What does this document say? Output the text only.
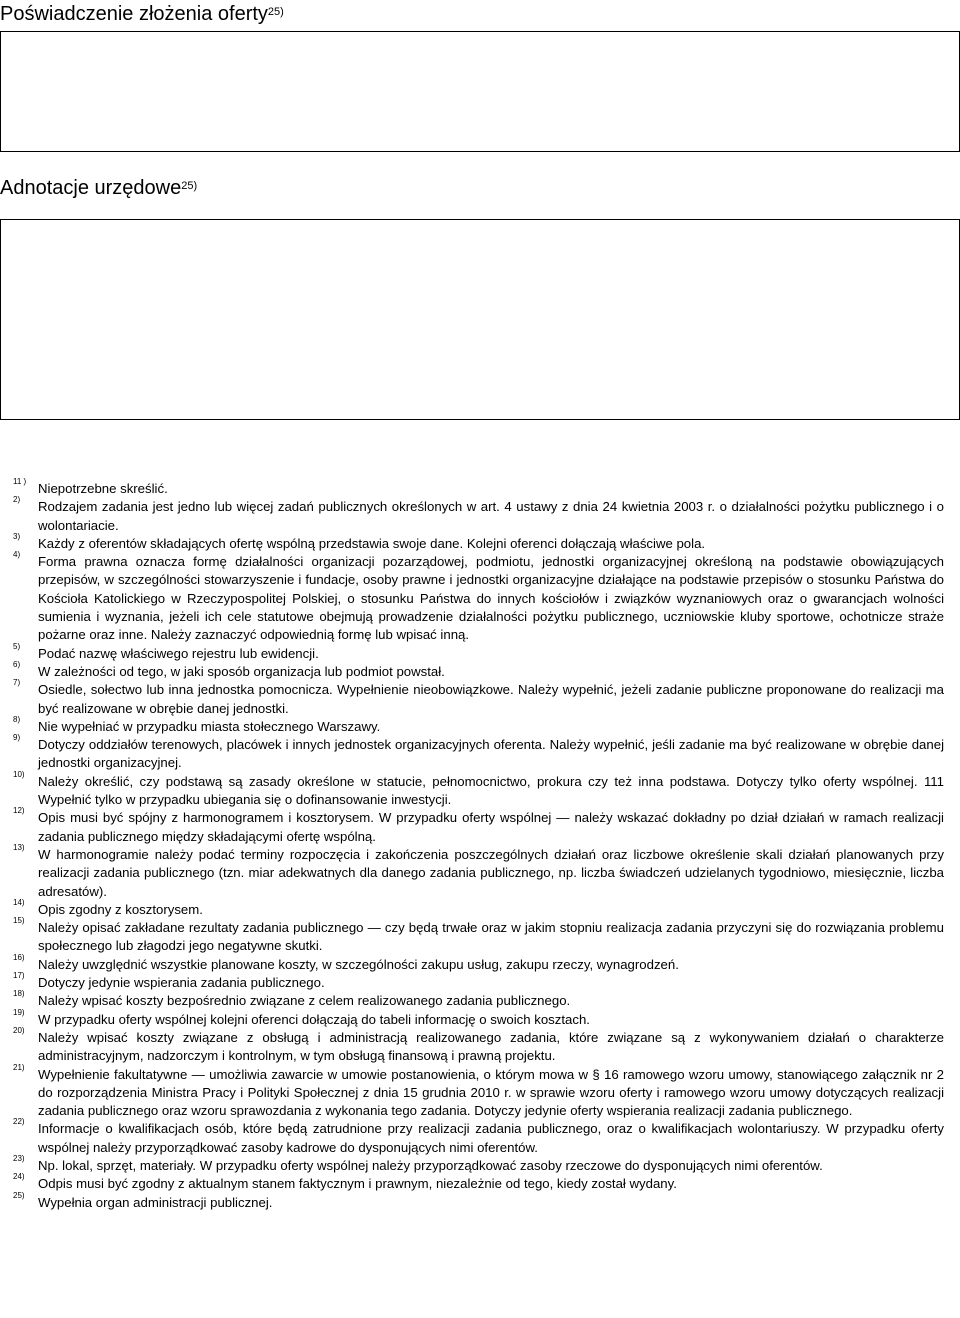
Poświadczenie złożenia oferty$^{25)}$
Adnotacje urzędowe$^{25)}$
11 ) Niepotrzebne skreślić.
2) Rodzajem zadania jest jedno lub więcej zadań publicznych określonych w art. 4 ustawy z dnia 24 kwietnia 2003 r. o działalności pożytku publicznego i o wolontariacie.
3) Każdy z oferentów składających ofertę wspólną przedstawia swoje dane. Kolejni oferenci dołączają właściwe pola.
4) Forma prawna oznacza formę działalności organizacji pozarządowej, podmiotu, jednostki organizacyjnej określoną na podstawie obowiązujących przepisów, w szczególności stowarzyszenie i fundacje, osoby prawne i jednostki organizacyjne działające na podstawie przepisów o stosunku Państwa do Kościoła Katolickiego w Rzeczypospolitej Polskiej, o stosunku Państwa do innych kościołów i związków wyznaniowych oraz o gwarancjach wolności sumienia i wyznania, jeżeli ich cele statutowe obejmują prowadzenie działalności pożytku publicznego, uczniowskie kluby sportowe, ochotnicze straże pożarne oraz inne. Należy zaznaczyć odpowiednią formę lub wpisać inną.
5) Podać nazwę właściwego rejestru lub ewidencji.
6) W zależności od tego, w jaki sposób organizacja lub podmiot powstał.
7) Osiedle, sołectwo lub inna jednostka pomocnicza. Wypełnienie nieobowiązkowe. Należy wypełnić, jeżeli zadanie publiczne proponowane do realizacji ma być realizowane w obrębie danej jednostki.
8) Nie wypełniać w przypadku miasta stołecznego Warszawy.
9) Dotyczy oddziałów terenowych, placówek i innych jednostek organizacyjnych oferenta. Należy wypełnić, jeśli zadanie ma być realizowane w obrębie danej jednostki organizacyjnej.
10) Należy określić, czy podstawą są zasady określone w statucie, pełnomocnictwo, prokura czy też inna podstawa. Dotyczy tylko oferty wspólnej. 111 Wypełnić tylko w przypadku ubiegania się o dofinansowanie inwestycji.
12) Opis musi być spójny z harmonogramem i kosztorysem. W przypadku oferty wspólnej — należy wskazać dokładny po dział działań w ramach realizacji zadania publicznego między składającymi ofertę wspólną.
13) W harmonogramie należy podać terminy rozpoczęcia i zakończenia poszczególnych działań oraz liczbowe określenie skali działań planowanych przy realizacji zadania publicznego (tzn. miar adekwatnych dla danego zadania publicznego, np. liczba świadczeń udzielanych tygodniowo, miesięcznie, liczba adresatów).
14) Opis zgodny z kosztorysem.
15) Należy opisać zakładane rezultaty zadania publicznego — czy będą trwałe oraz w jakim stopniu realizacja zadania przyczyni się do rozwiązania problemu społecznego lub złagodzi jego negatywne skutki.
16) Należy uwzględnić wszystkie planowane koszty, w szczególności zakupu usług, zakupu rzeczy, wynagrodzeń.
17) Dotyczy jedynie wspierania zadania publicznego.
18) Należy wpisać koszty bezpośrednio związane z celem realizowanego zadania publicznego.
19) W przypadku oferty wspólnej kolejni oferenci dołączają do tabeli informację o swoich kosztach.
20) Należy wpisać koszty związane z obsługą i administracją realizowanego zadania, które związane są z wykonywaniem działań o charakterze administracyjnym, nadzorczym i kontrolnym, w tym obsługą finansową i prawną projektu.
21) Wypełnienie fakultatywne — umożliwia zawarcie w umowie postanowienia, o którym mowa w § 16 ramowego wzoru umowy, stanowiącego załącznik nr 2 do rozporządzenia Ministra Pracy i Polityki Społecznej z dnia 15 grudnia 2010 r. w sprawie wzoru oferty i ramowego wzoru umowy dotyczących realizacji zadania publicznego oraz wzoru sprawozdania z wykonania tego zadania. Dotyczy jedynie oferty wspierania realizacji zadania publicznego.
22) Informacje o kwalifikacjach osób, które będą zatrudnione przy realizacji zadania publicznego, oraz o kwalifikacjach wolontariuszy. W przypadku oferty wspólnej należy przyporządkować zasoby kadrowe do dysponujących nimi oferentów.
23) Np. lokal, sprzęt, materiały. W przypadku oferty wspólnej należy przyporządkować zasoby rzeczowe do dysponujących nimi oferentów.
24) Odpis musi być zgodny z aktualnym stanem faktycznym i prawnym, niezależnie od tego, kiedy został wydany.
25) Wypełnia organ administracji publicznej.
